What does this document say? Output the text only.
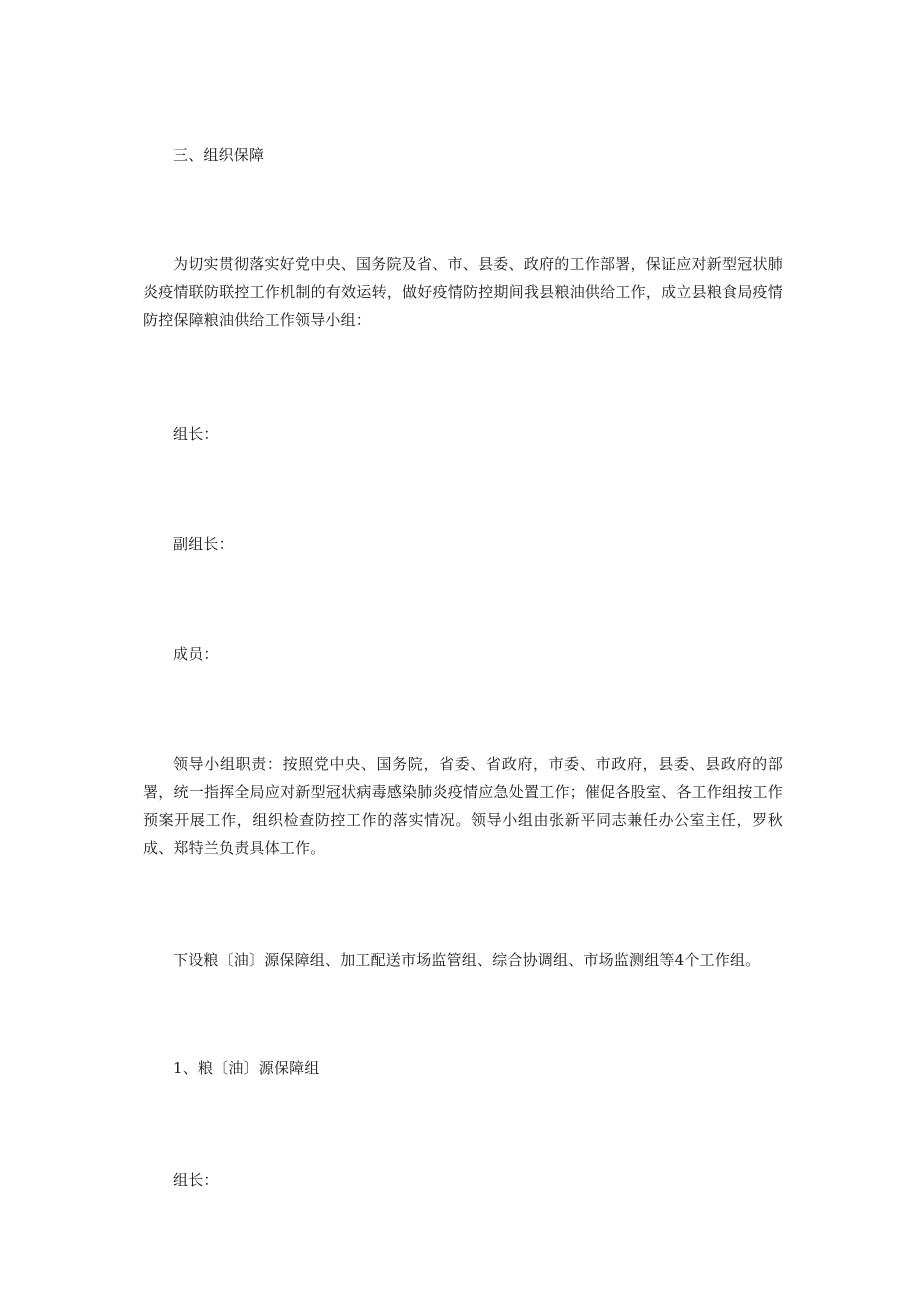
三、组织保障

为切实贯彻落实好党中央、国务院及省、市、县委、政府的工作部署，保证应对新型冠状肺炎疫情联防联控工作机制的有效运转，做好疫情防控期间我县粮油供给工作，成立县粮食局疫情防控保障粮油供给工作领导小组：

组长：

副组长：

成员：

领导小组职责：按照党中央、国务院，省委、省政府，市委、市政府，县委、县政府的部署，统一指挥全局应对新型冠状病毒感染肺炎疫情应急处置工作；催促各股室、各工作组按工作预案开展工作，组织检查防控工作的落实情况。领导小组由张新平同志兼任办公室主任，罗秋成、郑特兰负责具体工作。

下设粮〔油〕源保障组、加工配送市场监管组、综合协调组、市场监测组等4个工作组。

1、粮〔油〕源保障组

组长：
